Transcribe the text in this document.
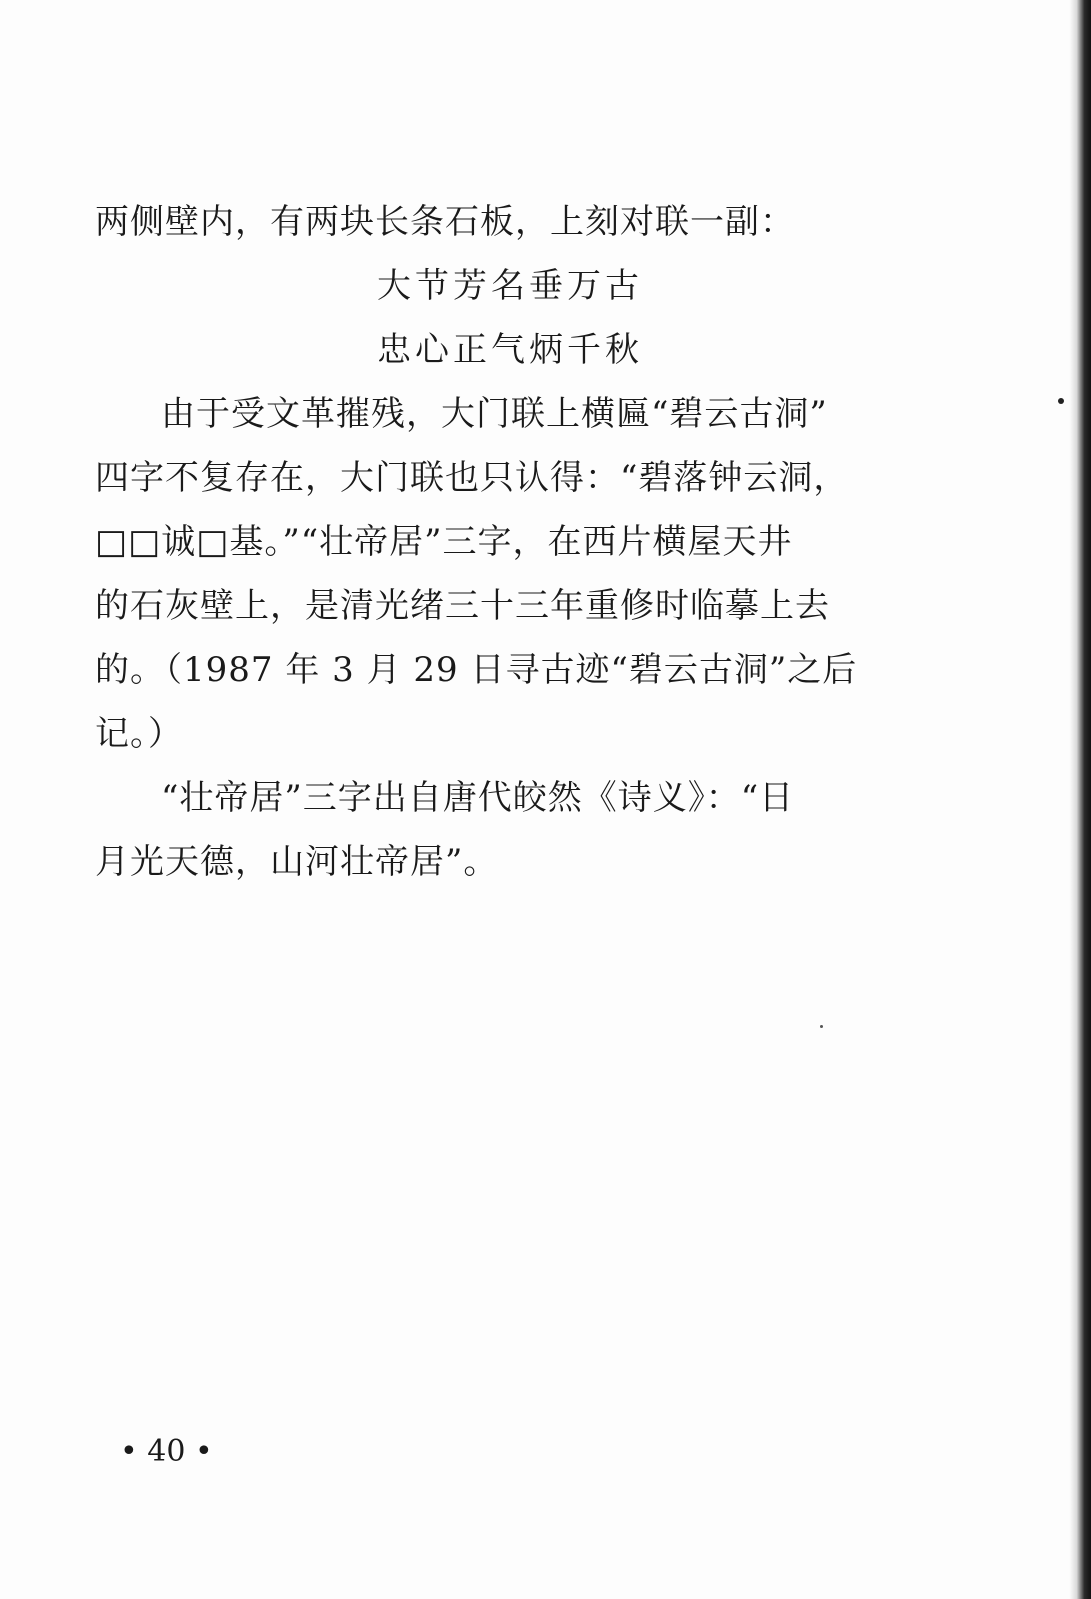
两侧壁内，有两块长条石板，上刻对联一副：
大节芳名垂万古
忠心正气炳千秋
由于受文革摧残，大门联上横匾“碧云古洞”
四字不复存在，大门联也只认得：“碧落钟云洞，
□□诚□基。”“壮帝居”三字，在西片横屋天井
的石灰壁上，是清光绪三十三年重修时临摹上去
的。（1987 年 3 月 29 日寻古迹“碧云古洞”之后
记。）
“壮帝居”三字出自唐代皎然《诗义》：“日
月光天德，山河壮帝居”。
• 40 •
